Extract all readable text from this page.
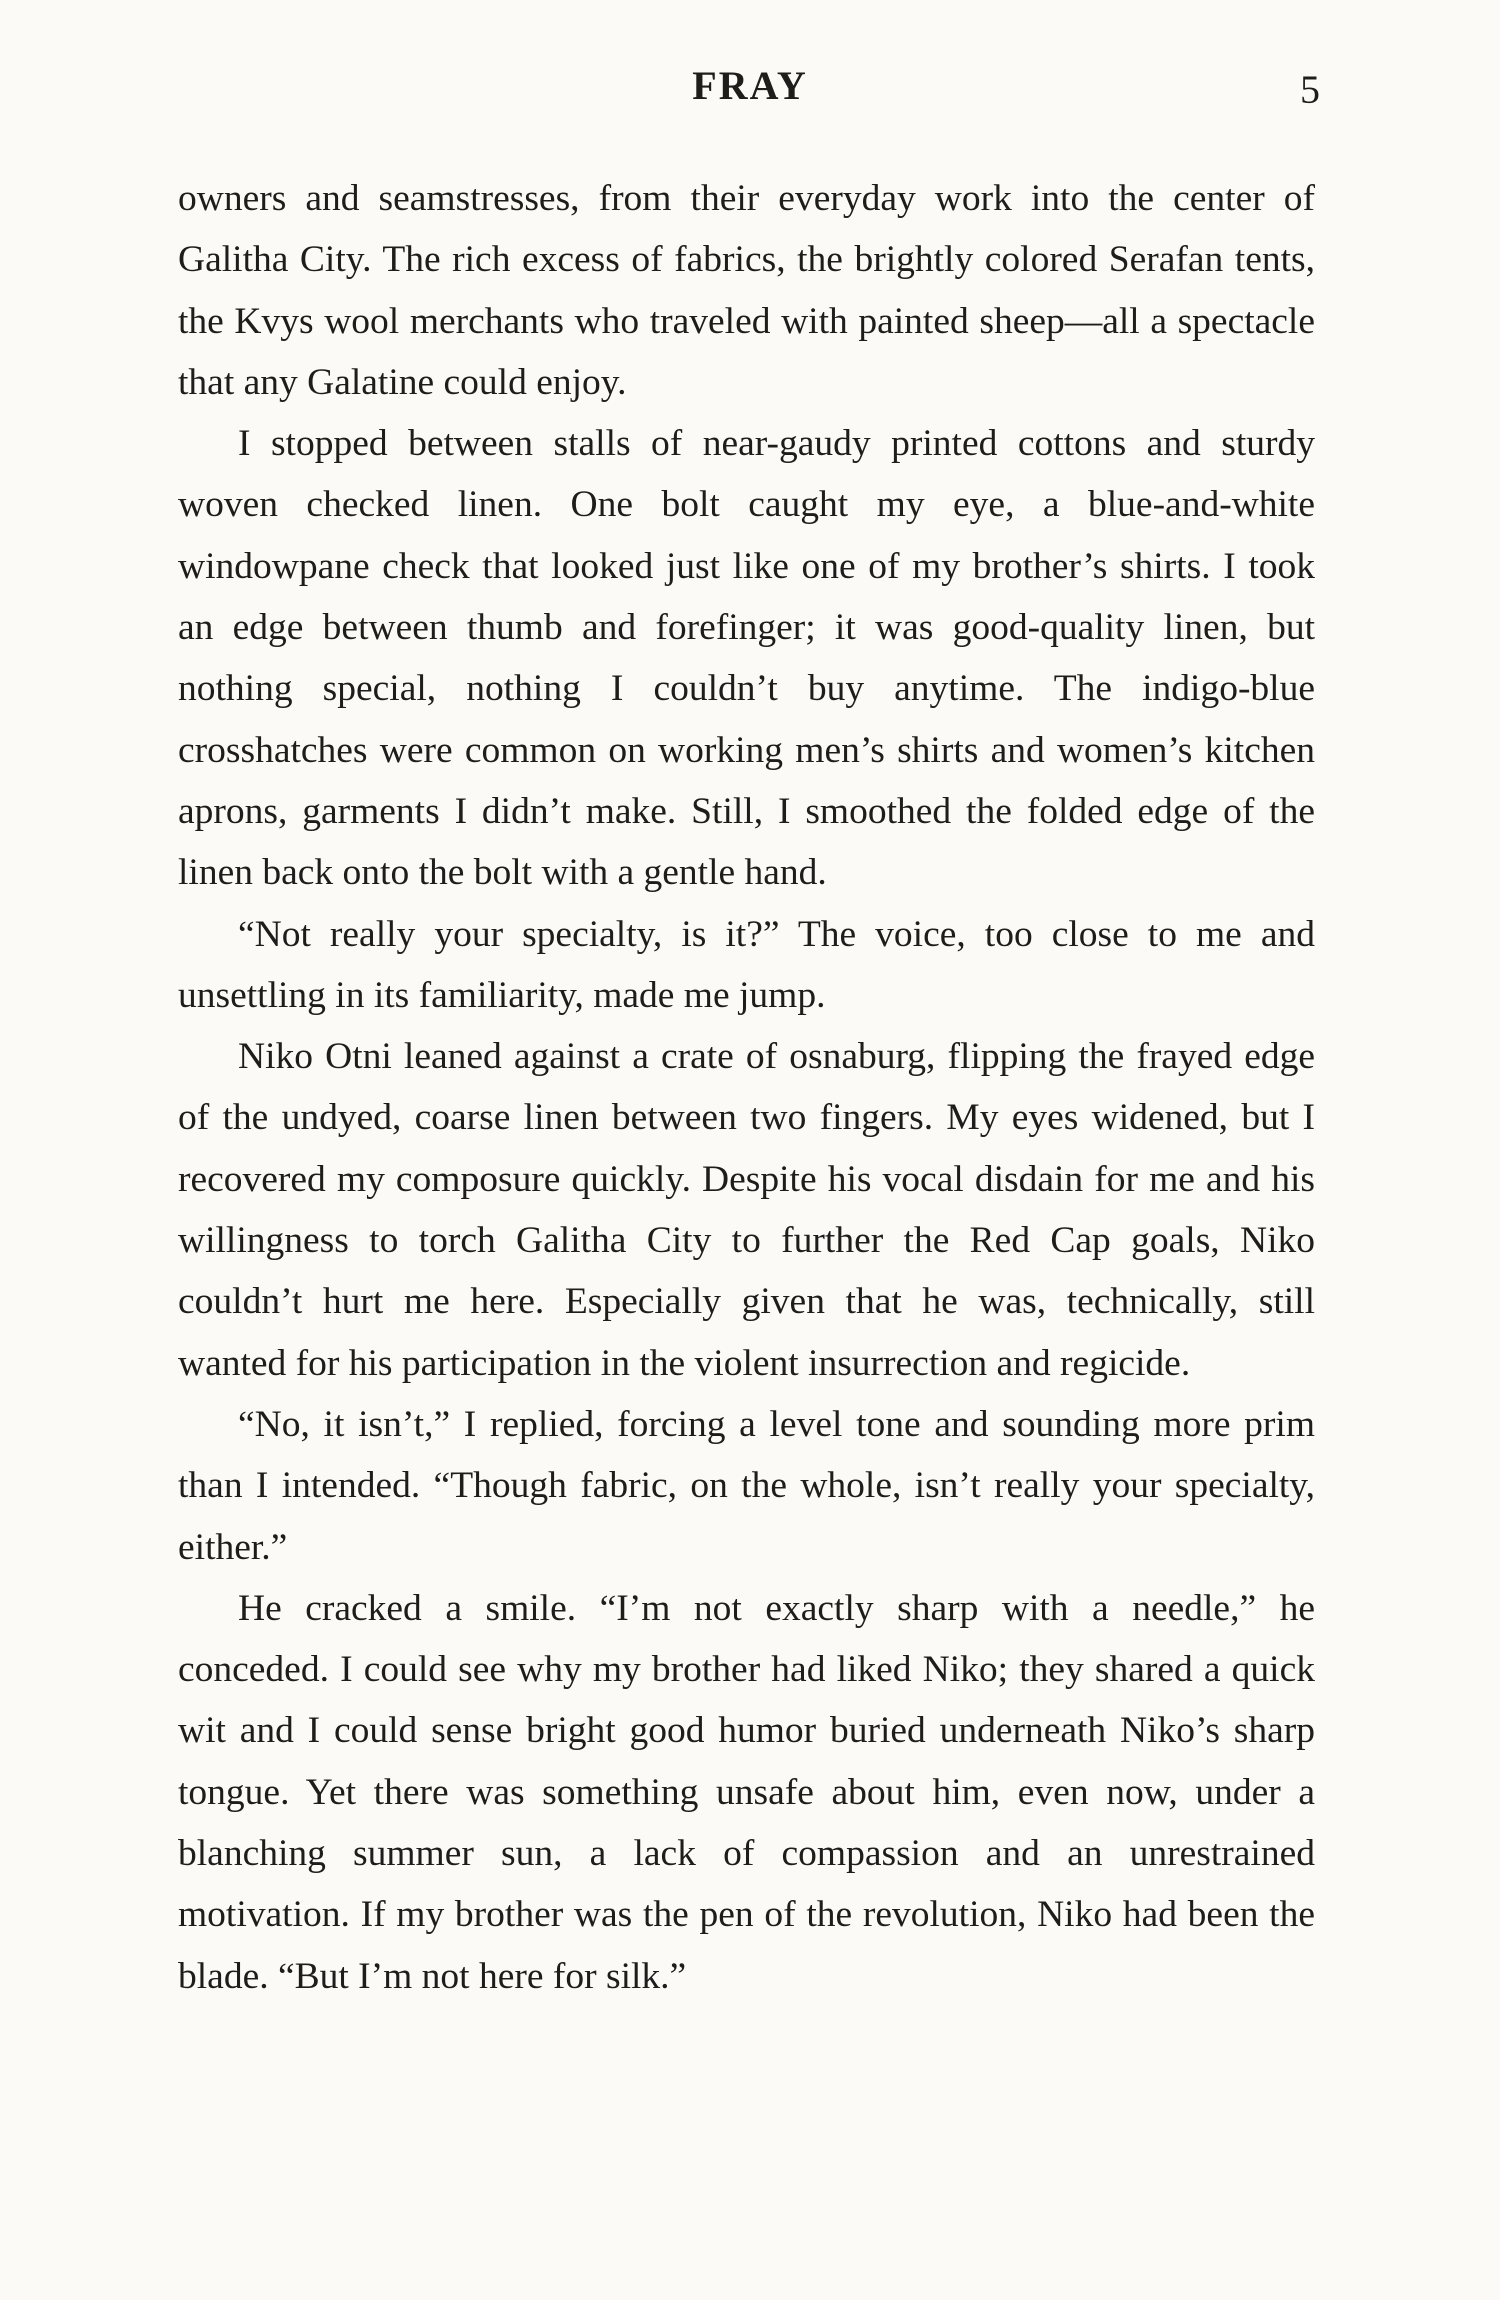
FRAY	5

owners and seamstresses, from their everyday work into the center of Galitha City. The rich excess of fabrics, the brightly colored Serafan tents, the Kvys wool merchants who traveled with painted sheep—all a spectacle that any Galatine could enjoy.

I stopped between stalls of near-gaudy printed cottons and sturdy woven checked linen. One bolt caught my eye, a blue-and-white windowpane check that looked just like one of my brother’s shirts. I took an edge between thumb and forefinger; it was good-quality linen, but nothing special, nothing I couldn’t buy anytime. The indigo-blue crosshatches were common on working men’s shirts and women’s kitchen aprons, garments I didn’t make. Still, I smoothed the folded edge of the linen back onto the bolt with a gentle hand.

“Not really your specialty, is it?” The voice, too close to me and unsettling in its familiarity, made me jump.

Niko Otni leaned against a crate of osnaburg, flipping the frayed edge of the undyed, coarse linen between two fingers. My eyes widened, but I recovered my composure quickly. Despite his vocal disdain for me and his willingness to torch Galitha City to further the Red Cap goals, Niko couldn’t hurt me here. Especially given that he was, technically, still wanted for his participation in the violent insurrection and regicide.

“No, it isn’t,” I replied, forcing a level tone and sounding more prim than I intended. “Though fabric, on the whole, isn’t really your specialty, either.”

He cracked a smile. “I’m not exactly sharp with a needle,” he conceded. I could see why my brother had liked Niko; they shared a quick wit and I could sense bright good humor buried underneath Niko’s sharp tongue. Yet there was something unsafe about him, even now, under a blanching summer sun, a lack of compassion and an unrestrained motivation. If my brother was the pen of the revolution, Niko had been the blade. “But I’m not here for silk.”
